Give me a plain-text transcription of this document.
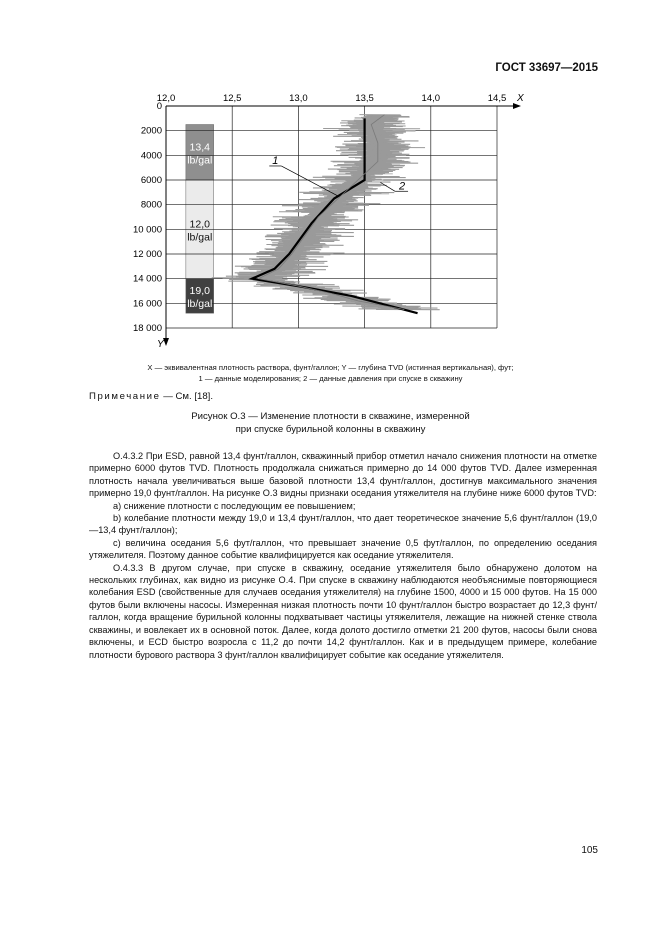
ГОСТ 33697—2015
13,4
lb/gal
12,0
lb/gal
19,0
lb/gal
12,0	12,5	13,0	13,5	14,0	14,5
0
2000
4000
6000
8000
10 000
12 000
14 000
16 000
18 000
X
Y
1
2
X — эквивалентная плотность раствора, фунт/галлон; Y — глубина TVD (истинная вертикальная), фут;
1 — данные моделирования; 2 — данные давления при спуске в скважину
Примечание — См. [18].
Рисунок О.3 — Изменение плотности в скважине, измеренной
при спуске бурильной колонны в скважину

О.4.3.2 При ESD, равной 13,4 фунт/галлон, скважинный прибор отметил начало снижения плотности на отметке примерно 6000 футов TVD. Плотность продолжала снижаться примерно до 14 000 футов TVD. Далее измеренная плотность начала увеличиваться выше базовой плотности 13,4 фунт/галлон, достигнув максимального значения примерно 19,0 фунт/галлон. На рисунке О.3 видны признаки оседания утяжелителя на глубине ниже 6000 футов TVD:

a) снижение плотности с последующим ее повышением;

b) колебание плотности между 19,0 и 13,4 фунт/галлон, что дает теоретическое значение 5,6 фунт/галлон (19,0—13,4 фунт/галлон);

c) величина оседания 5,6 фут/галлон, что превышает значение 0,5 фут/галлон, по определению оседания утяжелителя. Поэтому данное событие квалифицируется как оседание утяжелителя.

О.4.3.3 В другом случае, при спуске в скважину, оседание утяжелителя было обнаружено долотом на нескольких глубинах, как видно из рисунке О.4. При спуске в скважину наблюдаются необъяснимые повторяющиеся колебания ESD (свойственные для случаев оседания утяжелителя) на глубине 1500, 4000 и 15 000 футов. На 15 000 футов были включены насосы. Измеренная низкая плотность почти 10 фунт/галлон быстро возрастает до 12,3 фунт/галлон, когда вращение бурильной колонны подхватывает частицы утяжелителя, лежащие на нижней стенке ствола скважины, и вовлекает их в основной поток. Далее, когда долото достигло отметки 21 200 футов, насосы были снова включены, и ECD быстро возросла с 11,2 до почти 14,2 фунт/галлон. Как и в предыдущем примере, колебание плотности бурового раствора 3 фунт/галлон квалифицирует событие как оседание утяжелителя.

105
